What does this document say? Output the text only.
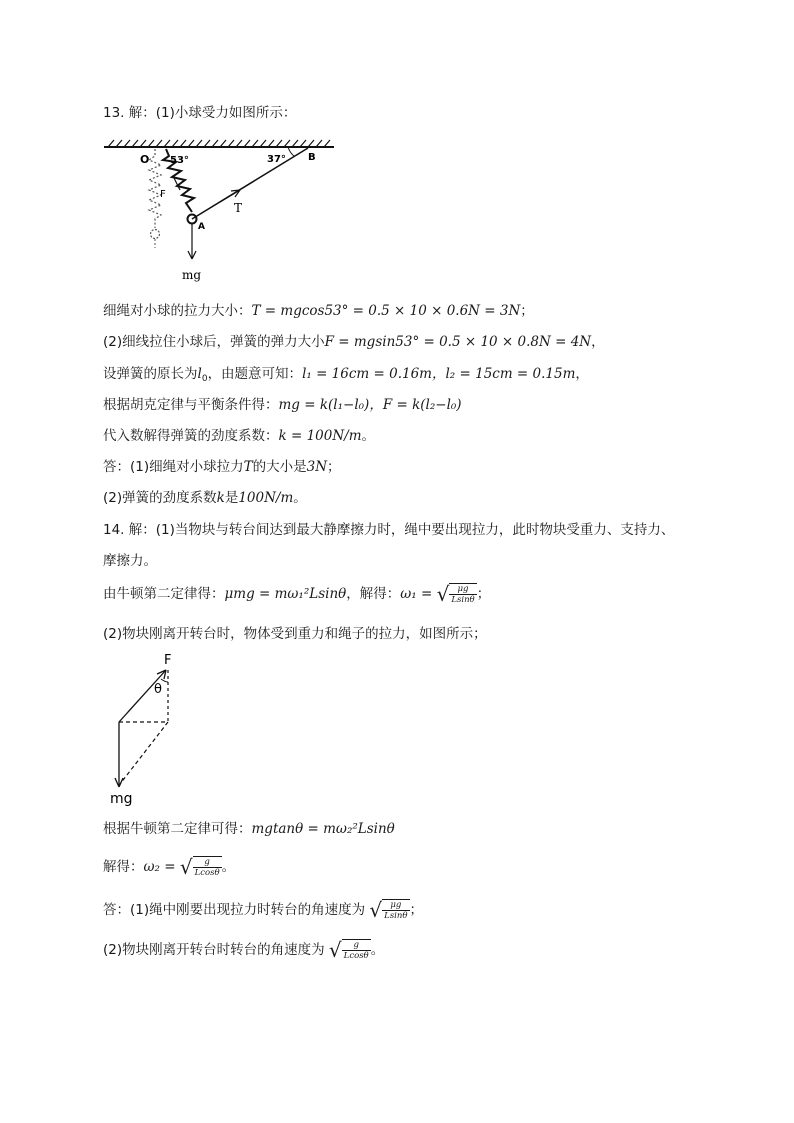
13. 解：(1)小球受力如图所示：
O 53°	37° B
F
T
A
mg
细绳对小球的拉力大小：T = mgcos53° = 0.5 × 10 × 0.6N = 3N；
(2)细线拉住小球后，弹簧的弹力大小F = mgsin53° = 0.5 × 10 × 0.8N = 4N，
设弹簧的原长为$l_0$，由题意可知：l₁ = 16cm = 0.16m，l₂ = 15cm = 0.15m，
根据胡克定律与平衡条件得：mg = k(l₁−l₀)，F = k(l₂−l₀)
代入数解得弹簧的劲度系数：k = 100N/m。
答：(1)细绳对小球拉力T的大小是3N；
(2)弹簧的劲度系数k是100N/m。
14. 解：(1)当物块与转台间达到最大静摩擦力时，绳中要出现拉力，此时物块受重力、支持力、
摩擦力。
由牛顿第二定律得：μmg = mω₁²Lsinθ，解得：ω₁ = √ $\frac{\mu g}{Lsin\theta}$ ；
(2)物块刚离开转台时，物体受到重力和绳子的拉力，如图所示；
F
θ
mg
根据牛顿第二定律可得：mgtanθ = mω₂²Lsinθ
解得：ω₂ = √ $\frac{g}{Lcos\theta}$ 。
答：(1)绳中刚要出现拉力时转台的角速度为 √ $\frac{\mu g}{Lsin\theta}$ ；
(2)物块刚离开转台时转台的角速度为 √ $\frac{g}{Lcos\theta}$ 。
